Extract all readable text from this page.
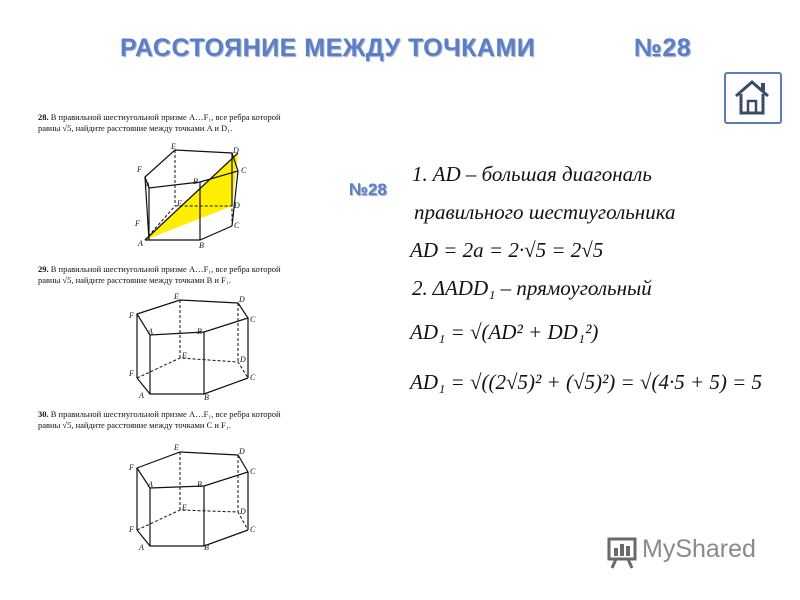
РАССТОЯНИЕ МЕЖДУ ТОЧКАМИ	№28
28. В правильной шестиугольной призме A…F₁, все ребра которой
равны √5, найдите расстояние между точками A и D₁.
F
A
E
B
D
C
F
A	B
C
D
E
29. В правильной шестиугольной призме A…F₁, все ребра которой
равны √5, найдите расстояние между точками B и F₁.
F
A
E
B
D
C
F
A	B
C
D
E
30. В правильной шестиугольной призме A…F₁, все ребра которой
равны √5, найдите расстояние между точками C и F₁.
F
A
E
B
D
C
F
A	B
C
D
E
№28
1. AD – большая диагональ
правильного шестиугольника
AD = 2a = 2·√5 = 2√5
2. ΔADD₁ – прямоугольный
AD₁ = √(AD² + DD₁²)
AD₁ = √((2√5)² + (√5)²) = √(4·5 + 5) = 5
MyShared
